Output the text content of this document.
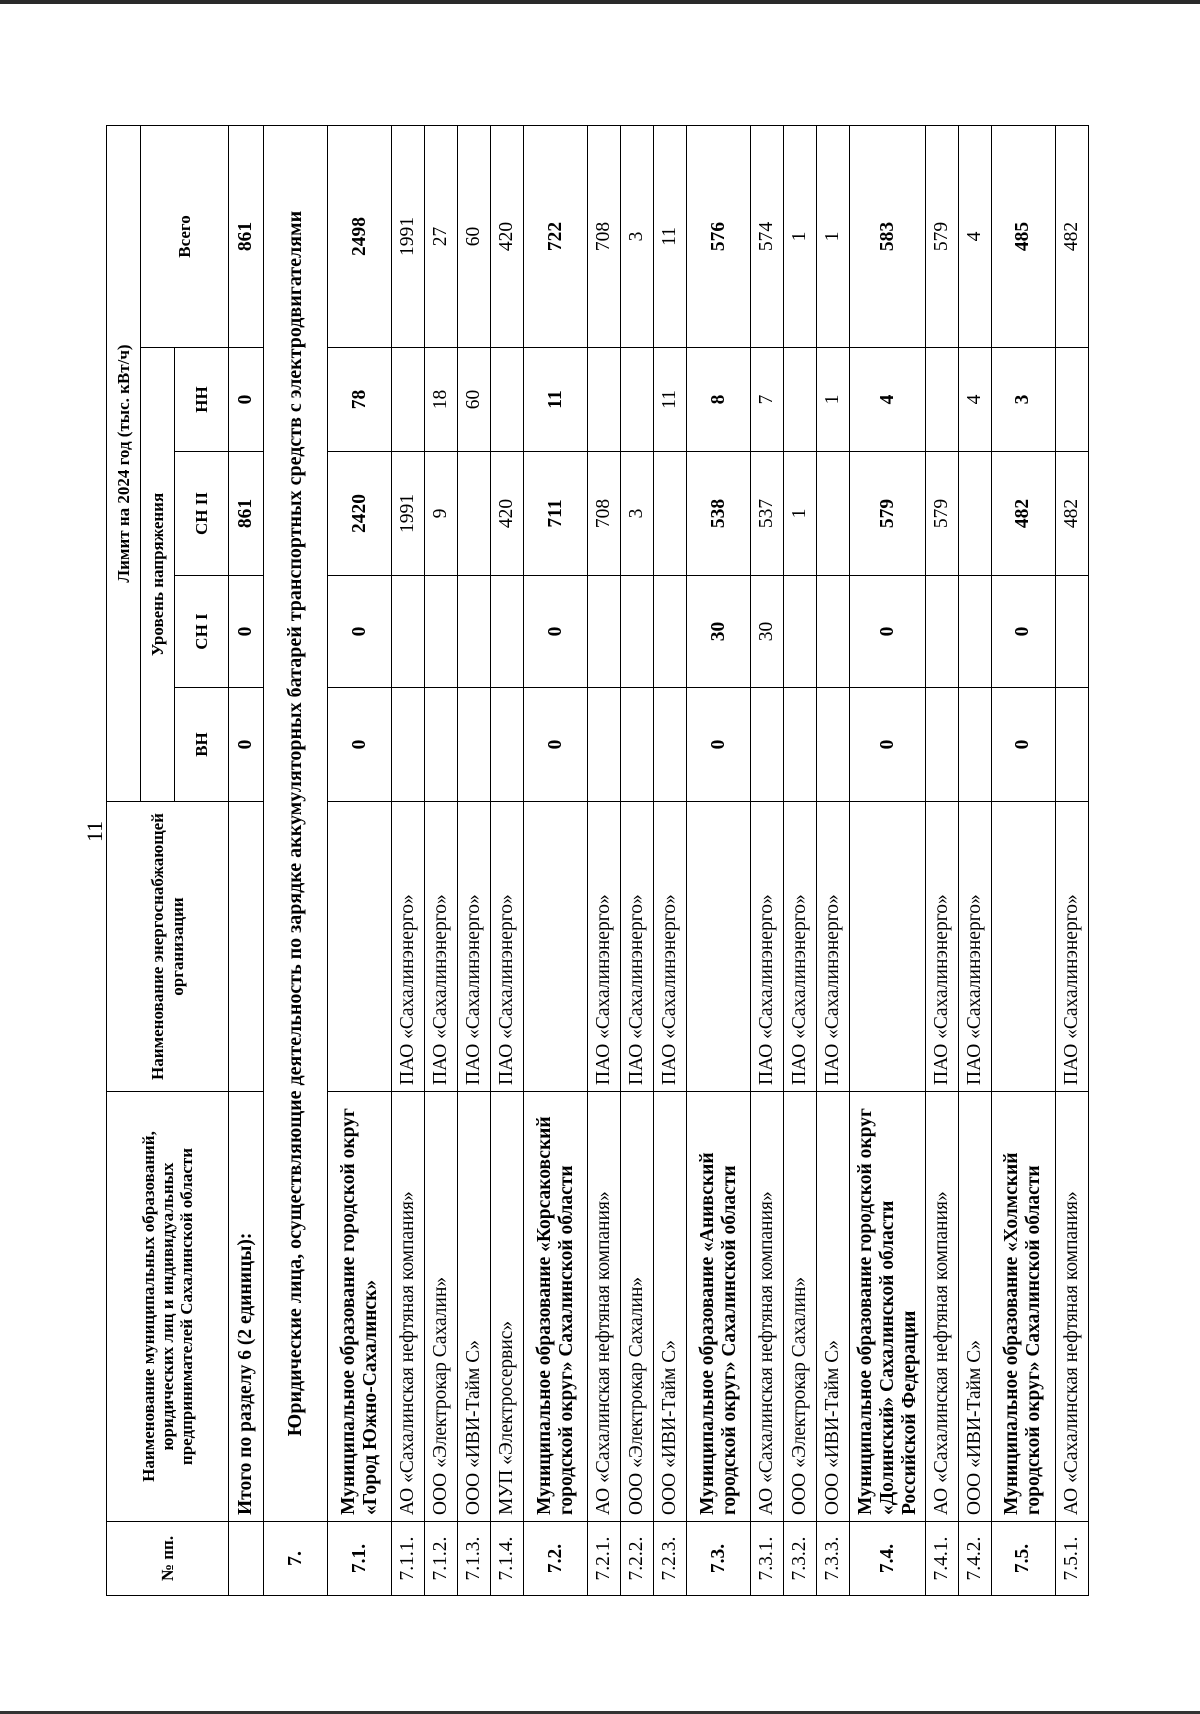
11
№ пп.	Наименование муниципальных образований, юридических лиц и индивидуальных предпринимателей Сахалинской области	Наименование энергоснабжающей организации	Лимит на 2024 год (тыс. кВт/ч)				
			Уровень напряжения				Всего
			ВН	СН I	СН II	НН	
	Итого по разделу 6 (2 единицы):		0	0	861	0	861
7.	Юридические лица, осуществляющие деятельность по зарядке аккумуляторных батарей транспортных средств с электродвигателями						
7.1.	Муниципальное образование городской округ «Город Южно-Сахалинск»		0	0	2420	78	2498
7.1.1.	АО «Сахалинская нефтяная компания»	ПАО «Сахалинэнерго»			1991		1991
7.1.2.	ООО «Электрокар Сахалин»	ПАО «Сахалинэнерго»			9	18	27
7.1.3.	ООО «ИВИ-Тайм С»	ПАО «Сахалинэнерго»				60	60
7.1.4.	МУП «Электросервис»	ПАО «Сахалинэнерго»			420		420
7.2.	Муниципальное образование «Корсаковский городской округ» Сахалинской области		0	0	711	11	722
7.2.1.	АО «Сахалинская нефтяная компания»	ПАО «Сахалинэнерго»			708		708
7.2.2.	ООО «Электрокар Сахалин»	ПАО «Сахалинэнерго»			3		3
7.2.3.	ООО «ИВИ-Тайм С»	ПАО «Сахалинэнерго»				11	11
7.3.	Муниципальное образование «Анивский городской округ» Сахалинской области		0	30	538	8	576
7.3.1.	АО «Сахалинская нефтяная компания»	ПАО «Сахалинэнерго»		30	537	7	574
7.3.2.	ООО «Электрокар Сахалин»	ПАО «Сахалинэнерго»			1		1
7.3.3.	ООО «ИВИ-Тайм С»	ПАО «Сахалинэнерго»				1	1
7.4.	Муниципальное образование городской округ «Долинский» Сахалинской области Российской Федерации		0	0	579	4	583
7.4.1.	АО «Сахалинская нефтяная компания»	ПАО «Сахалинэнерго»			579		579
7.4.2.	ООО «ИВИ-Тайм С»	ПАО «Сахалинэнерго»				4	4
7.5.	Муниципальное образование «Холмский городской округ» Сахалинской области		0	0	482	3	485
7.5.1.	АО «Сахалинская нефтяная компания»	ПАО «Сахалинэнерго»			482		482
